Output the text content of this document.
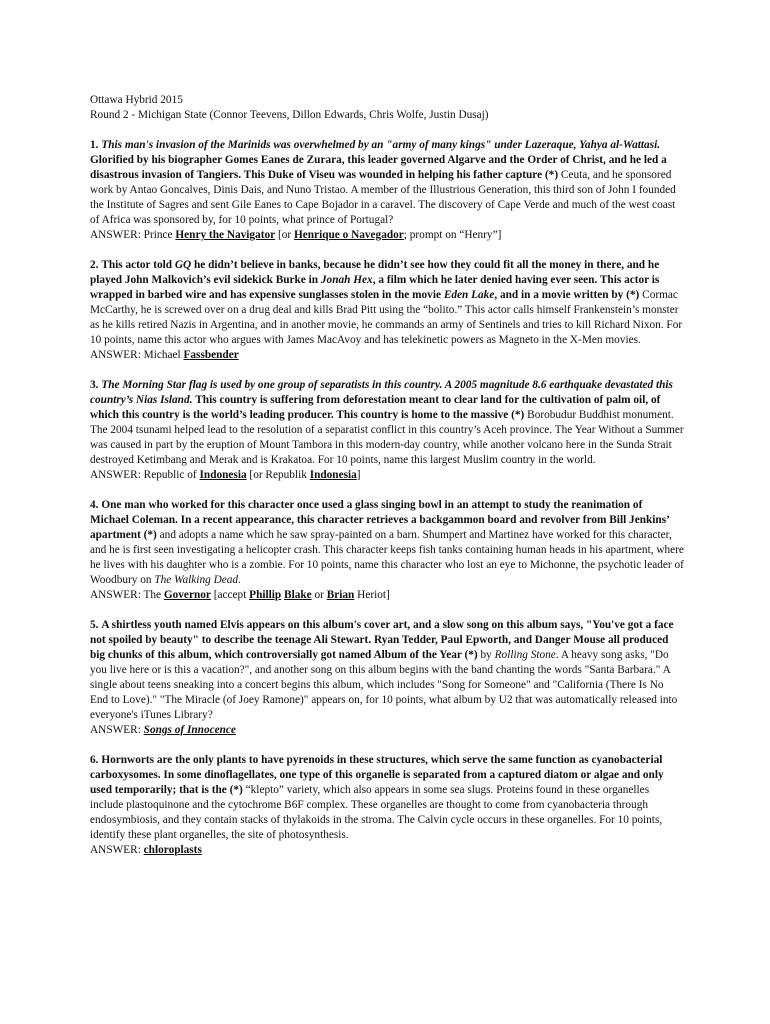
Ottawa Hybrid 2015

Round 2 - Michigan State (Connor Teevens, Dillon Edwards, Chris Wolfe, Justin Dusaj)

1. This man's invasion of the Marinids was overwhelmed by an "army of many kings" under Lazeraque, Yahya al-Wattasi. Glorified by his biographer Gomes Eanes de Zurara, this leader governed Algarve and the Order of Christ, and he led a disastrous invasion of Tangiers. This Duke of Viseu was wounded in helping his father capture (*) Ceuta, and he sponsored work by Antao Goncalves, Dinis Dais, and Nuno Tristao. A member of the Illustrious Generation, this third son of John I founded the Institute of Sagres and sent Gile Eanes to Cape Bojador in a caravel. The discovery of Cape Verde and much of the west coast of Africa was sponsored by, for 10 points, what prince of Portugal?

ANSWER: Prince Henry the Navigator [or Henrique o Navegador; prompt on “Henry”]

2. This actor told GQ he didn’t believe in banks, because he didn’t see how they could fit all the money in there, and he played John Malkovich’s evil sidekick Burke in Jonah Hex, a film which he later denied having ever seen. This actor is wrapped in barbed wire and has expensive sunglasses stolen in the movie Eden Lake, and in a movie written by (*) Cormac McCarthy, he is screwed over on a drug deal and kills Brad Pitt using the “bolito.” This actor calls himself Frankenstein’s monster as he kills retired Nazis in Argentina, and in another movie, he commands an army of Sentinels and tries to kill Richard Nixon. For 10 points, name this actor who argues with James MacAvoy and has telekinetic powers as Magneto in the X-Men movies.

ANSWER: Michael Fassbender

3. The Morning Star flag is used by one group of separatists in this country. A 2005 magnitude 8.6 earthquake devastated this country’s Nias Island. This country is suffering from deforestation meant to clear land for the cultivation of palm oil, of which this country is the world’s leading producer. This country is home to the massive (*) Borobudur Buddhist monument. The 2004 tsunami helped lead to the resolution of a separatist conflict in this country’s Aceh province. The Year Without a Summer was caused in part by the eruption of Mount Tambora in this modern-day country, while another volcano here in the Sunda Strait destroyed Ketimbang and Merak and is Krakatoa. For 10 points, name this largest Muslim country in the world.

ANSWER: Republic of Indonesia [or Republik Indonesia]

4. One man who worked for this character once used a glass singing bowl in an attempt to study the reanimation of Michael Coleman. In a recent appearance, this character retrieves a backgammon board and revolver from Bill Jenkins’ apartment (*) and adopts a name which he saw spray-painted on a barn. Shumpert and Martinez have worked for this character, and he is first seen investigating a helicopter crash. This character keeps fish tanks containing human heads in his apartment, where he lives with his daughter who is a zombie. For 10 points, name this character who lost an eye to Michonne, the psychotic leader of Woodbury on The Walking Dead.

ANSWER: The Governor [accept Phillip Blake or Brian Heriot]

5. A shirtless youth named Elvis appears on this album's cover art, and a slow song on this album says, "You've got a face not spoiled by beauty" to describe the teenage Ali Stewart. Ryan Tedder, Paul Epworth, and Danger Mouse all produced big chunks of this album, which controversially got named Album of the Year (*) by Rolling Stone. A heavy song asks, "Do you live here or is this a vacation?", and another song on this album begins with the band chanting the words "Santa Barbara." A single about teens sneaking into a concert begins this album, which includes "Song for Someone" and "California (There Is No End to Love)." "The Miracle (of Joey Ramone)" appears on, for 10 points, what album by U2 that was automatically released into everyone's iTunes Library?

ANSWER: Songs of Innocence

6. Hornworts are the only plants to have pyrenoids in these structures, which serve the same function as cyanobacterial carboxysomes. In some dinoflagellates, one type of this organelle is separated from a captured diatom or algae and only used temporarily; that is the (*) “klepto” variety, which also appears in some sea slugs. Proteins found in these organelles include plastoquinone and the cytochrome B6F complex. These organelles are thought to come from cyanobacteria through endosymbiosis, and they contain stacks of thylakoids in the stroma. The Calvin cycle occurs in these organelles. For 10 points, identify these plant organelles, the site of photosynthesis.

ANSWER: chloroplasts
